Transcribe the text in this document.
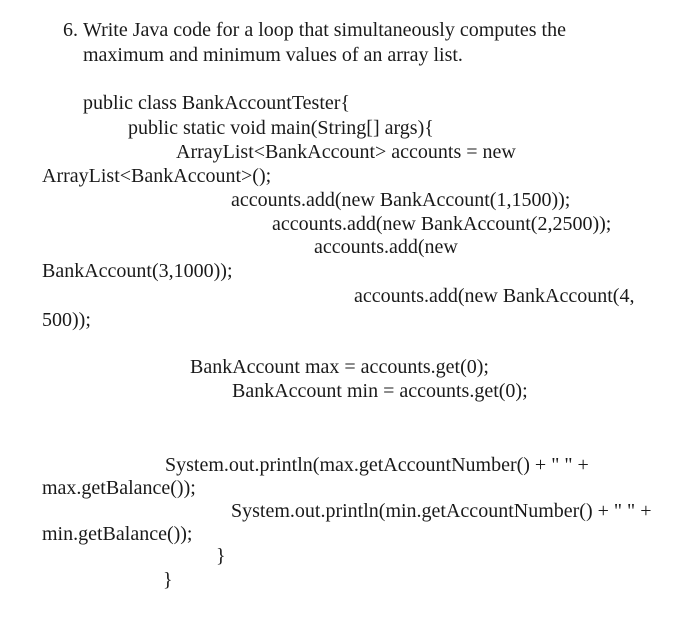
6. Write Java code for a loop that simultaneously computes the
maximum and minimum values of an array list.
public class BankAccountTester{
public static void main(String[] args){
ArrayList<BankAccount> accounts = new
ArrayList<BankAccount>();
accounts.add(new BankAccount(1,1500));
accounts.add(new BankAccount(2,2500));
accounts.add(new
BankAccount(3,1000));
accounts.add(new BankAccount(4,
500));
BankAccount max = accounts.get(0);
BankAccount min = accounts.get(0);
System.out.println(max.getAccountNumber() + " " +
max.getBalance());
System.out.println(min.getAccountNumber() + " " +
min.getBalance());
}
}
